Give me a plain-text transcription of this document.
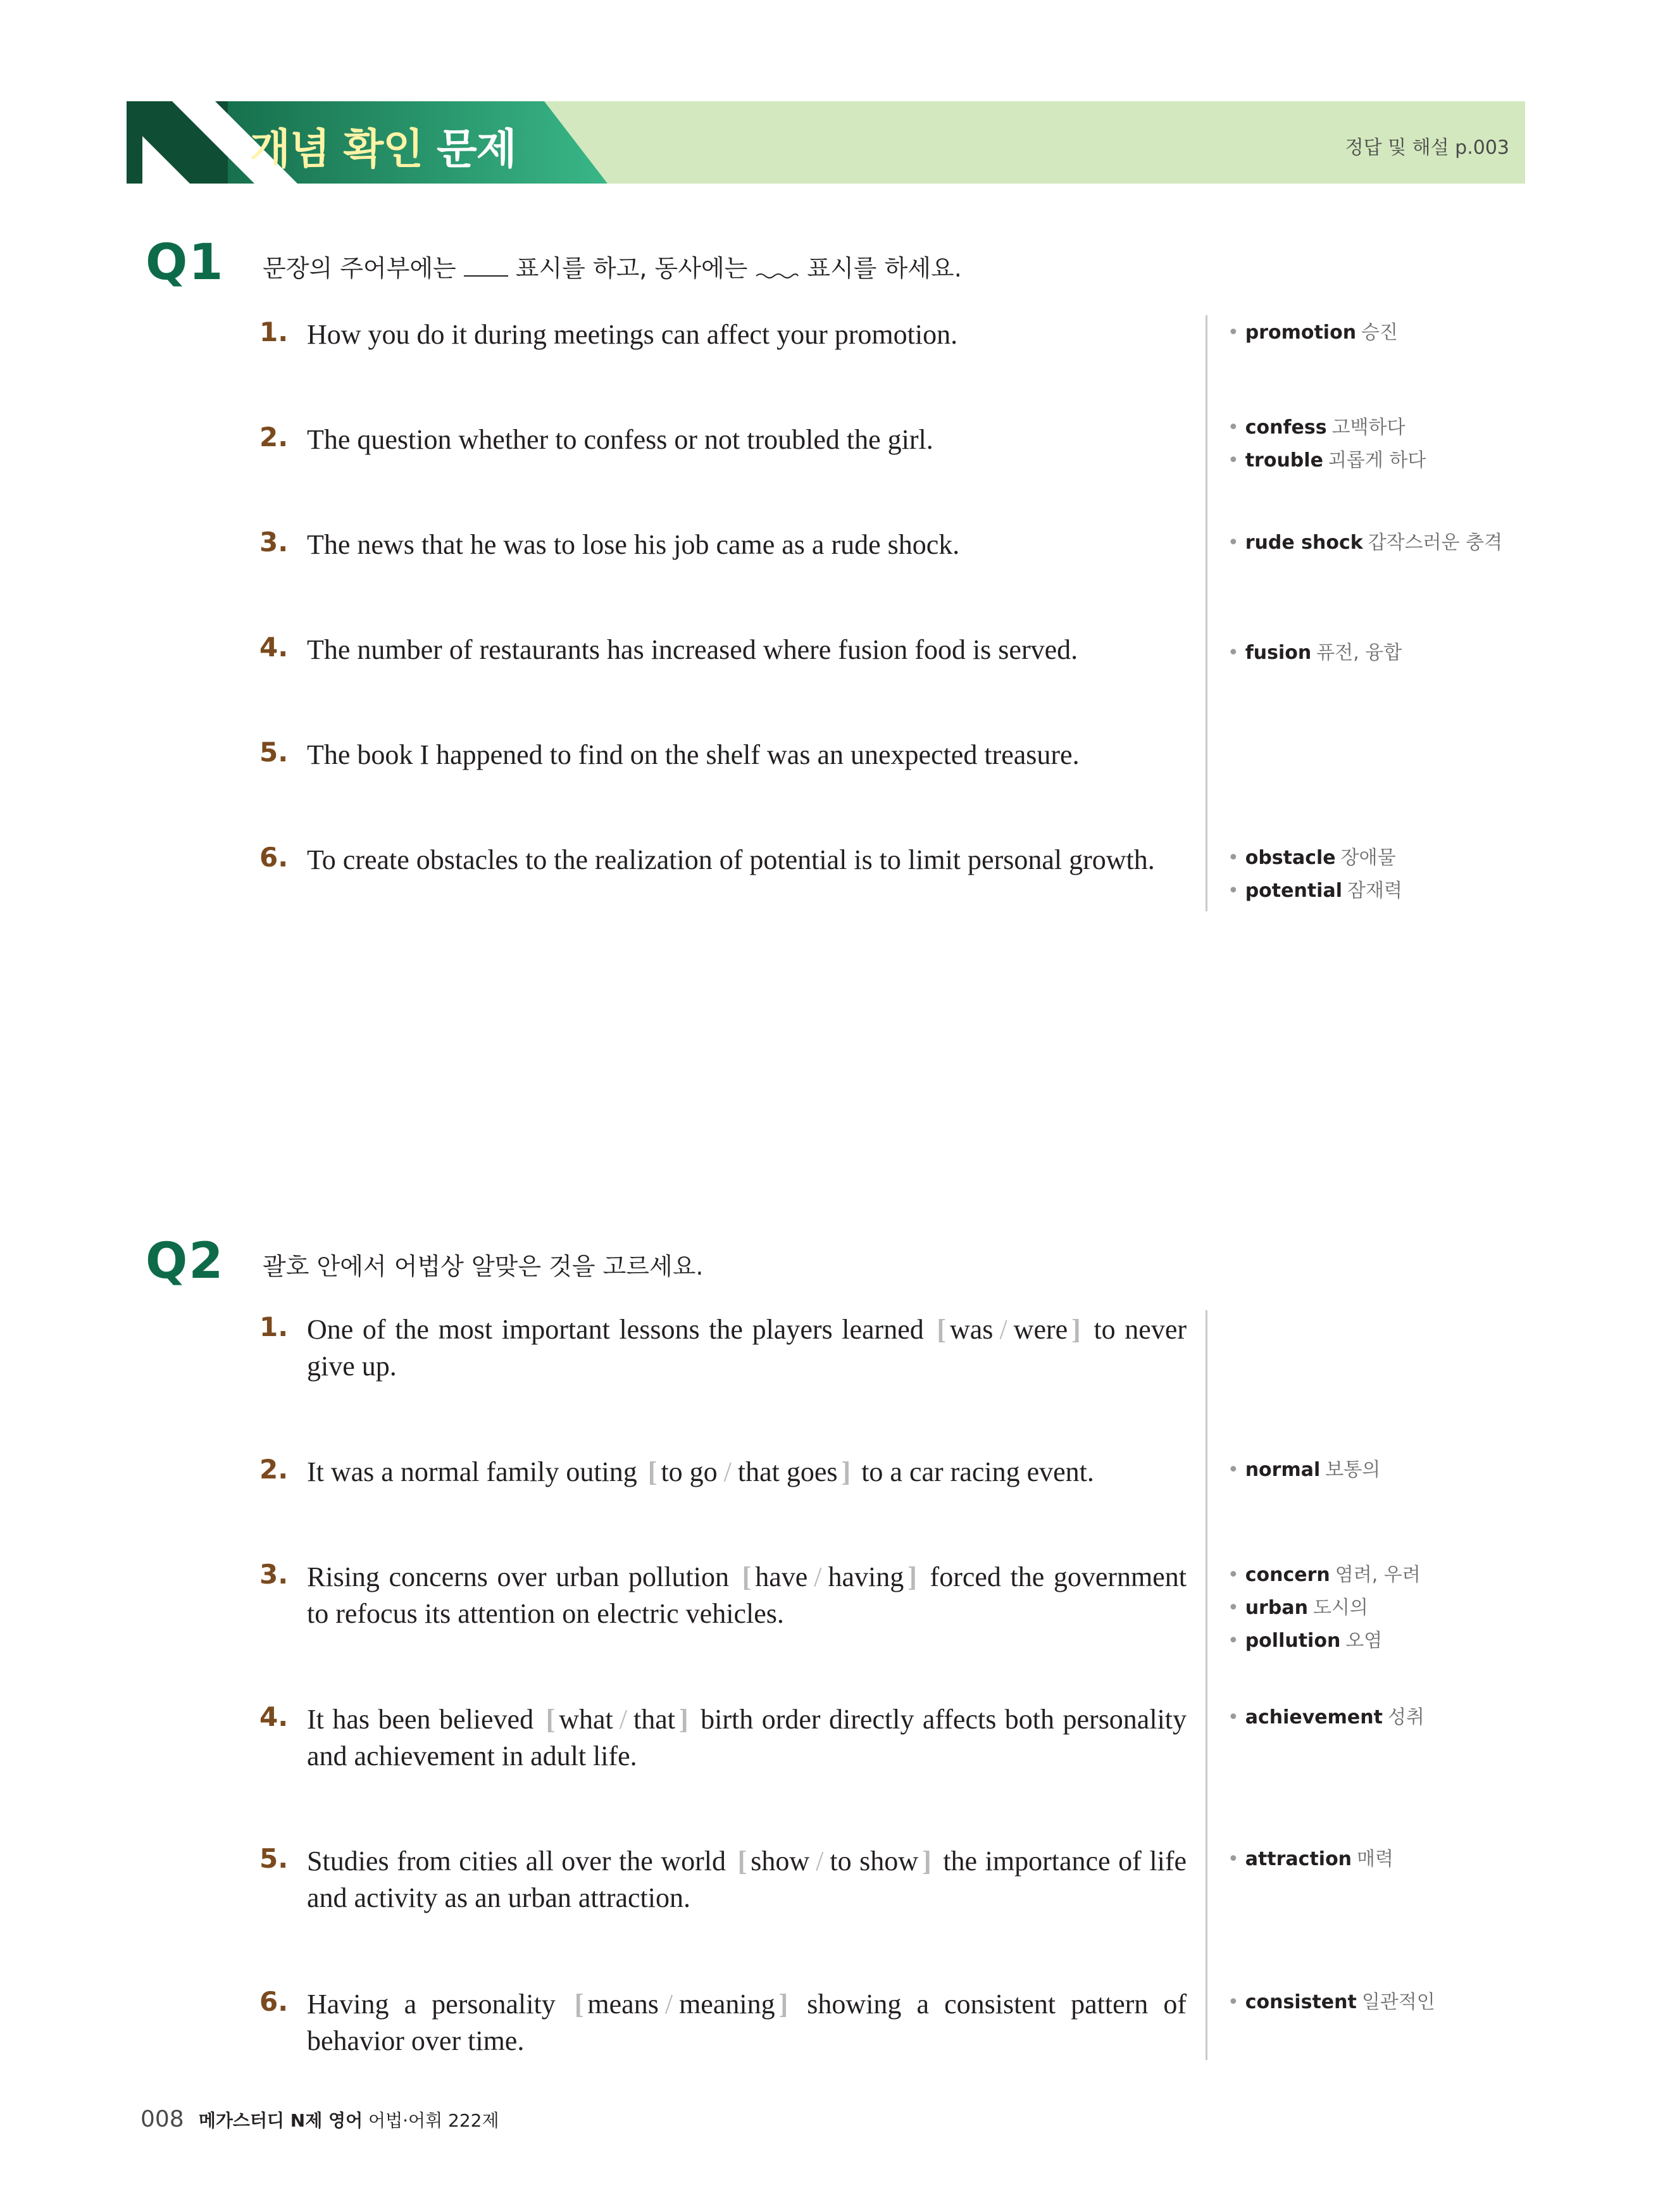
개념 확인 문제	정답 및 해설 p.003
Q1 문장의 주어부에는 표시를 하고, 동사에는 표시를 하세요.
1. How you do it during meetings can affect your promotion.
2. The question whether to confess or not troubled the girl.
3. The news that he was to lose his job came as a rude shock.
4. The number of restaurants has increased where fusion food is served.
5. The book I happened to find on the shelf was an unexpected treasure.
6. To create obstacles to the realization of potential is to limit personal growth.
• promotion 승진
• confess 고백하다
• trouble 괴롭게 하다
• rude shock 갑작스러운 충격
• fusion 퓨전, 융합
• obstacle 장애물
• potential 잠재력
Q2 괄호 안에서 어법상 알맞은 것을 고르세요.
1. One of the most important lessons the players learned [ was / were ] to never give up.
2. It was a normal family outing [ to go / that goes ] to a car racing event.
3. Rising concerns over urban pollution [ have / having ] forced the government to refocus its attention on electric vehicles.
4. It has been believed [ what / that ] birth order directly affects both personality and achievement in adult life.
5. Studies from cities all over the world [ show / to show ] the importance of life and activity as an urban attraction.
6. Having a personality [ means / meaning ] showing a consistent pattern of behavior over time.
• normal 보통의
• concern 염려, 우려
• urban 도시의
• pollution 오염
• achievement 성취
• attraction 매력
• consistent 일관적인
008 메가스터디 N제 영어 어법·어휘 222제
